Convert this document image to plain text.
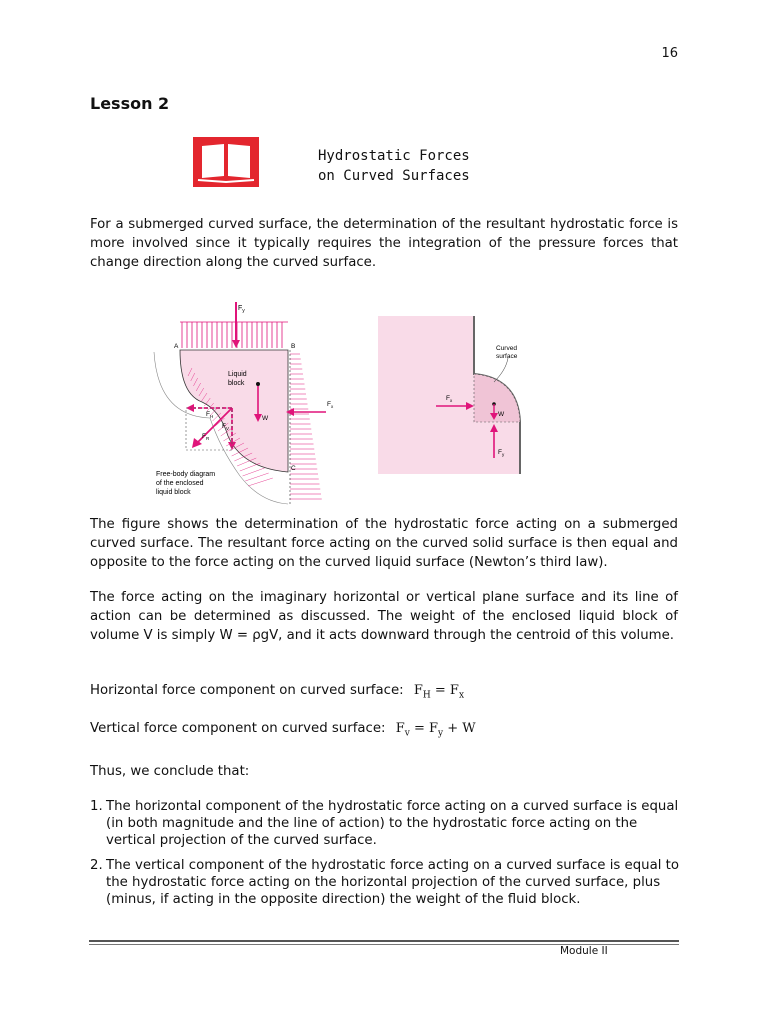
16
Lesson 2
Hydrostatic Forces
on Curved Surfaces
For a submerged curved surface, the determination of the resultant hydrostatic force is more involved since it typically requires the integration of the pressure forces that change direction along the curved surface.
$F_y$
A	B
C
Liquid
block
W
$F_x$
$F_H$
$F_V$
$F_R$
Free-body diagram
of the enclosed
liquid block
Curved
surface
$F_x$
W
$F_y$
The figure shows the determination of the hydrostatic force acting on a submerged curved surface. The resultant force acting on the curved solid surface is then equal and opposite to the force acting on the curved liquid surface (Newton’s third law).
The force acting on the imaginary horizontal or vertical plane surface and its line of action can be determined as discussed. The weight of the enclosed liquid block of volume V is simply W = ρgV, and it acts downward through the centroid of this volume.
Horizontal force component on curved surface: $F_H = F_x$
Vertical force component on curved surface: $F_v = F_y + W$
Thus, we conclude that:
1. The horizontal component of the hydrostatic force acting on a curved surface is equal (in both magnitude and the line of action) to the hydrostatic force acting on the vertical projection of the curved surface.
2. The vertical component of the hydrostatic force acting on a curved surface is equal to the hydrostatic force acting on the horizontal projection of the curved surface, plus (minus, if acting in the opposite direction) the weight of the fluid block.
Module II
